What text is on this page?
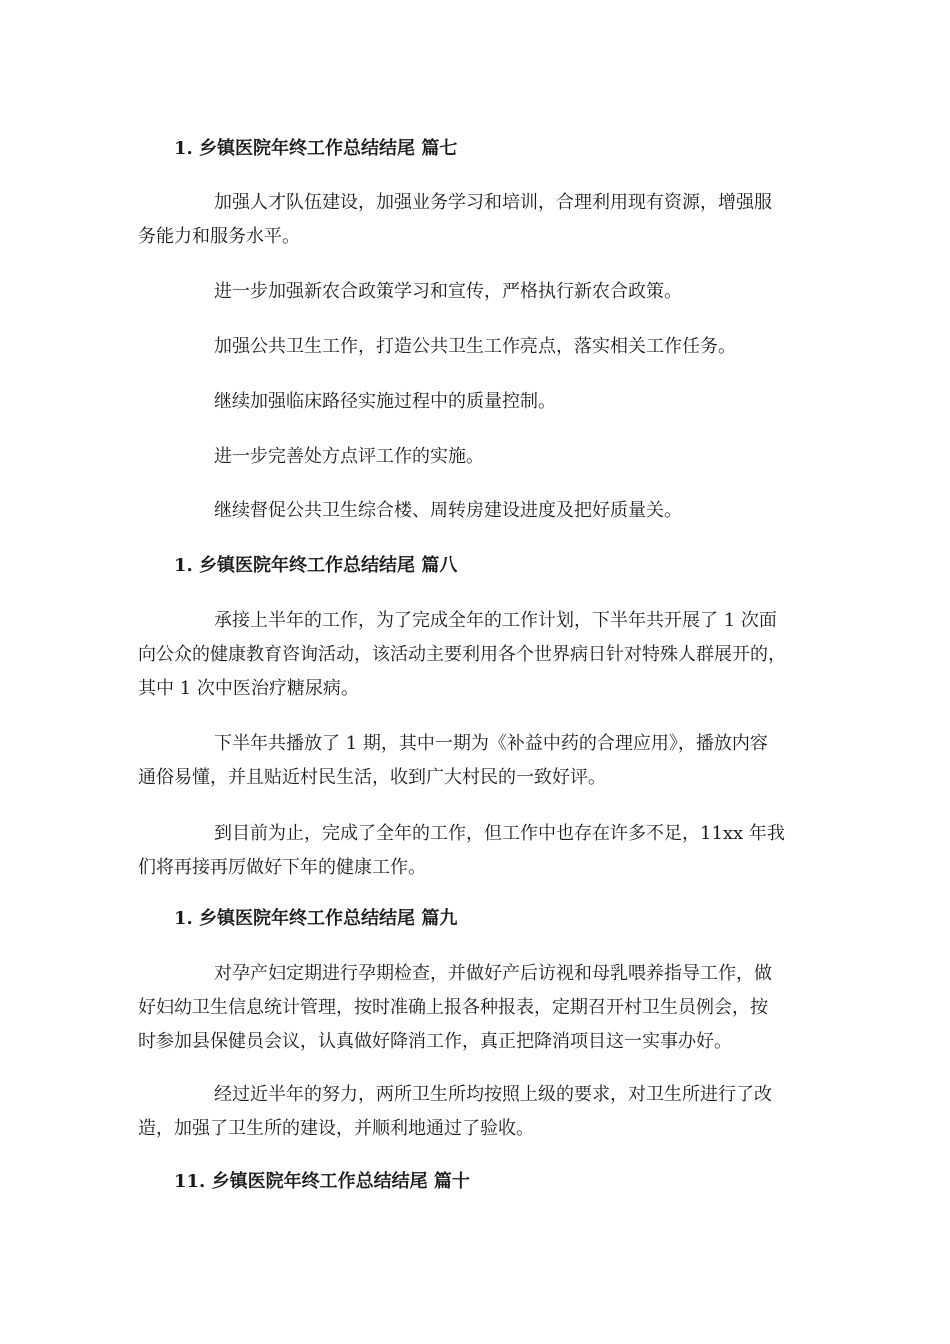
1. 乡镇医院年终工作总结结尾 篇七

加强人才队伍建设，加强业务学习和培训，合理利用现有资源，增强服
务能力和服务水平。

进一步加强新农合政策学习和宣传，严格执行新农合政策。

加强公共卫生工作，打造公共卫生工作亮点，落实相关工作任务。

继续加强临床路径实施过程中的质量控制。

进一步完善处方点评工作的实施。

继续督促公共卫生综合楼、周转房建设进度及把好质量关。

1. 乡镇医院年终工作总结结尾 篇八

承接上半年的工作，为了完成全年的工作计划，下半年共开展了 1 次面
向公众的健康教育咨询活动，该活动主要利用各个世界病日针对特殊人群展开的，
其中 1 次中医治疗糖尿病。

下半年共播放了 1 期，其中一期为《补益中药的合理应用》，播放内容
通俗易懂，并且贴近村民生活，收到广大村民的一致好评。

到目前为止，完成了全年的工作，但工作中也存在许多不足，11xx 年我
们将再接再厉做好下年的健康工作。

1. 乡镇医院年终工作总结结尾 篇九

对孕产妇定期进行孕期检查，并做好产后访视和母乳喂养指导工作，做
好妇幼卫生信息统计管理，按时准确上报各种报表，定期召开村卫生员例会，按
时参加县保健员会议，认真做好降消工作，真正把降消项目这一实事办好。

经过近半年的努力，两所卫生所均按照上级的要求，对卫生所进行了改
造，加强了卫生所的建设，并顺利地通过了验收。

11. 乡镇医院年终工作总结结尾 篇十
